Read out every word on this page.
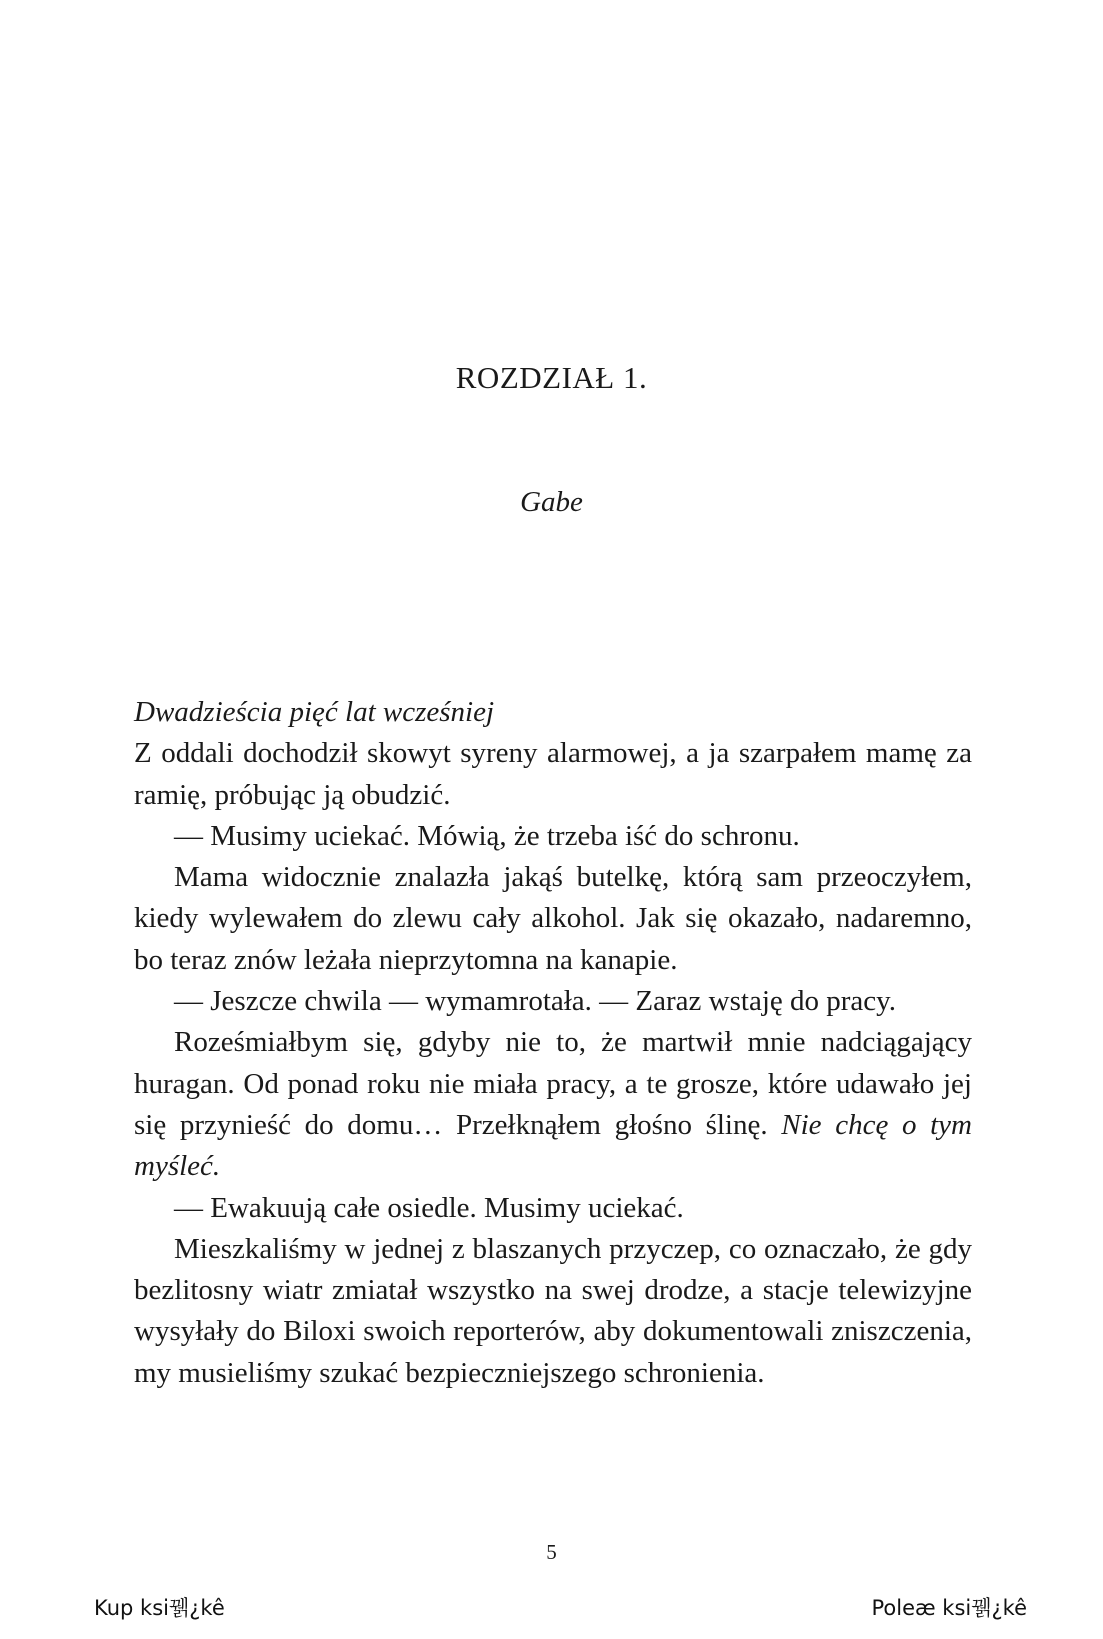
ROZDZIAŁ 1.
Gabe

Dwadzieścia pięć lat wcześniej

Z oddali dochodził skowyt syreny alarmowej, a ja szarpałem mamę za ramię, próbując ją obudzić.

— Musimy uciekać. Mówią, że trzeba iść do schronu.

Mama widocznie znalazła jakąś butelkę, którą sam przeoczyłem, kiedy wylewałem do zlewu cały alkohol. Jak się okazało, nadaremno, bo teraz znów leżała nieprzytomna na kanapie.

— Jeszcze chwila — wymamrotała. — Zaraz wstaję do pracy.

Roześmiałbym się, gdyby nie to, że martwił mnie nadciągający huragan. Od ponad roku nie miała pracy, a te grosze, które udawało jej się przynieść do domu… Przełknąłem głośno ślinę. Nie chcę o tym myśleć.

— Ewakuują całe osiedle. Musimy uciekać.

Mieszkaliśmy w jednej z blaszanych przyczep, co oznaczało, że gdy bezlitosny wiatr zmiatał wszystko na swej drodze, a stacje telewizyjne wysyłały do Biloxi swoich reporterów, aby dokumentowali zniszczenia, my musieliśmy szukać bezpieczniejszego schronienia.

5
Kup ksi꿹¿kê	Poleæ ksi꿹¿kê
